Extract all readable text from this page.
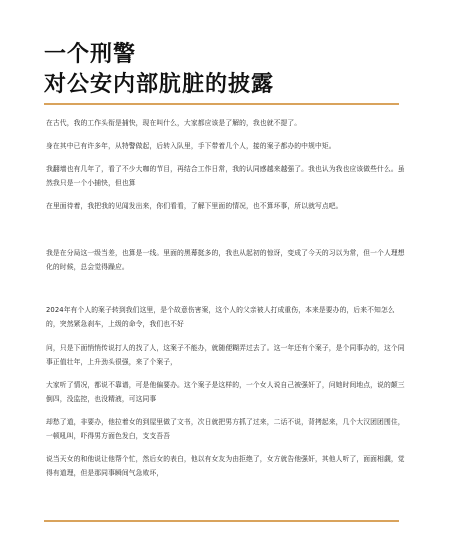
一个刑警
对公安内部肮脏的披露

在古代，我的工作头衔是捕快，现在叫什么，大家都应该是了解的，我也就不提了。

身在其中已有许多年，从特警做起，后转入队里，手下带着几个人，接的案子都办的中规中矩。

我翻墙也有几年了，看了不少大咖的节目，再结合工作日常，我的认同感越来越强了。我也认为我也应该做些什么。虽然我只是一个小捕快，但也算

在里面待着，我把我的见闻发出来，你们看看，了解下里面的情况，也不算坏事，所以就写点吧。

我是在分局这一级当差，也算是一线。里面的黑幕挺多的，我也从起初的惊讶，变成了今天的习以为常，但一个人理想化的时候，总会觉得躁应。

2024年有个人的案子转到我们这里，是个故意伤害案，这个人的父亲被人打成重伤，本来是要办的，后来不知怎么的，突然紧急刹车，上级的命令，我们也不好

问，只是下面悄悄传说打人的找了人，这案子不能办，就随便糊弄过去了。这一年还有个案子，是个同事办的，这个同事正值壮年，上升劲头很强，来了个案子，

大家听了情况，都说不靠谱，可是他偏要办。这个案子是这样的，一个女人说自己被强奸了，问她时间地点，说的颠三倒四，没监控，也没精液，可这同事

却愁了道，非要办，他拉着女的到屋里做了文书，次日就把男方抓了过来，二话不说，背拷起来，几个大汉团团围住，一顿吼叫，吓得男方面色发白，支支吾吾

说当天女的和他说让他帮个忙，然后女的表白，他以有女友为由拒绝了，女方就告他强奸，其他人听了，面面相觑，觉得有道理，但是那同事瞬间气急败坏，
